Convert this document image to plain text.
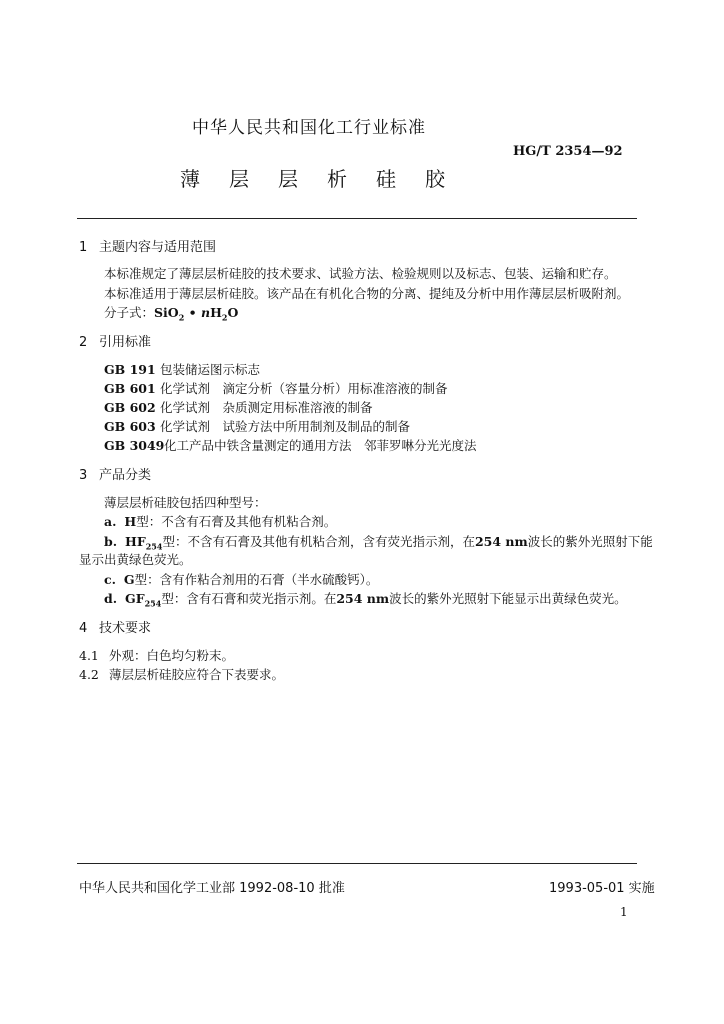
中华人民共和国化工行业标准
HG/T 2354—92
薄层层析硅胶
1 主题内容与适用范围
本标准规定了薄层层析硅胶的技术要求、试验方法、检验规则以及标志、包装、运输和贮存。
本标准适用于薄层层析硅胶。该产品在有机化合物的分离、提纯及分析中用作薄层层析吸附剂。
分子式：SiO$_2$ • $nH_2O$
2 引用标准
GB 191 包装储运图示标志
GB 601 化学试剂　滴定分析（容量分析）用标准溶液的制备
GB 602 化学试剂　杂质测定用标准溶液的制备
GB 603 化学试剂　试验方法中所用制剂及制品的制备
GB 3049化工产品中铁含量测定的通用方法　邻菲罗啉分光光度法
3 产品分类
薄层层析硅胶包括四种型号：
a. H型：不含有石膏及其他有机粘合剂。
b. $HF_{254}$型：不含有石膏及其他有机粘合剂，含有荧光指示剂，在254 nm波长的紫外光照射下能
显示出黄绿色荧光。
c. G型：含有作粘合剂用的石膏（半水硫酸钙）。
d. $GF_{254}$型：含有石膏和荧光指示剂。在254 nm波长的紫外光照射下能显示出黄绿色荧光。
4 技术要求
4.1 外观：白色均匀粉末。
4.2 薄层层析硅胶应符合下表要求。
中华人民共和国化学工业部 1992-08-10 批准	1993-05-01 实施
1
